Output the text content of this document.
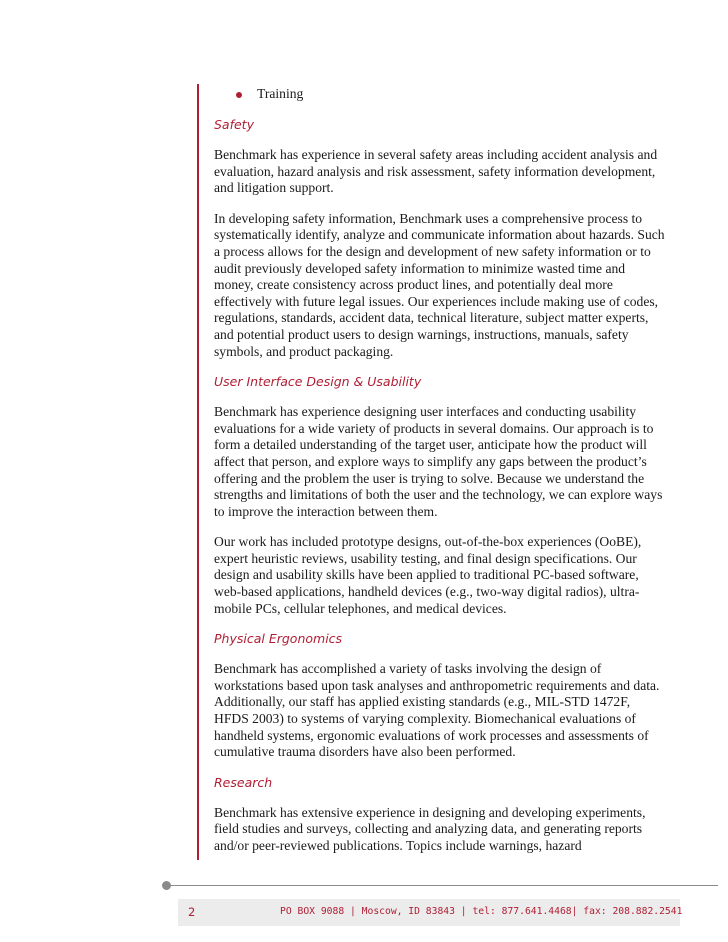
Training
Safety

Benchmark has experience in several safety areas including accident analysis and evaluation, hazard analysis and risk assessment, safety information development, and litigation support.

In developing safety information, Benchmark uses a comprehensive process to systematically identify, analyze and communicate information about hazards. Such a process allows for the design and development of new safety information or to audit previously developed safety information to minimize wasted time and money, create consistency across product lines, and potentially deal more effectively with future legal issues. Our experiences include making use of codes, regulations, standards, accident data, technical literature, subject matter experts, and potential product users to design warnings, instructions, manuals, safety symbols, and product packaging.

User Interface Design & Usability

Benchmark has experience designing user interfaces and conducting usability evaluations for a wide variety of products in several domains. Our approach is to form a detailed understanding of the target user, anticipate how the product will affect that person, and explore ways to simplify any gaps between the product’s offering and the problem the user is trying to solve. Because we understand the strengths and limitations of both the user and the technology, we can explore ways to improve the interaction between them.

Our work has included prototype designs, out-of-the-box experiences (OoBE), expert heuristic reviews, usability testing, and final design specifications. Our design and usability skills have been applied to traditional PC-based software, web-based applications, handheld devices (e.g., two-way digital radios), ultra-mobile PCs, cellular telephones, and medical devices.

Physical Ergonomics

Benchmark has accomplished a variety of tasks involving the design of workstations based upon task analyses and anthropometric requirements and data. Additionally, our staff has applied existing standards (e.g., MIL-STD 1472F, HFDS 2003) to systems of varying complexity. Biomechanical evaluations of handheld systems, ergonomic evaluations of work processes and assessments of cumulative trauma disorders have also been performed.

Research

Benchmark has extensive experience in designing and developing experiments, field studies and surveys, collecting and analyzing data, and generating reports and/or peer-reviewed publications. Topics include warnings, hazard

2	PO BOX 9088 | Moscow, ID 83843 | tel: 877.641.4468| fax: 208.882.2541
